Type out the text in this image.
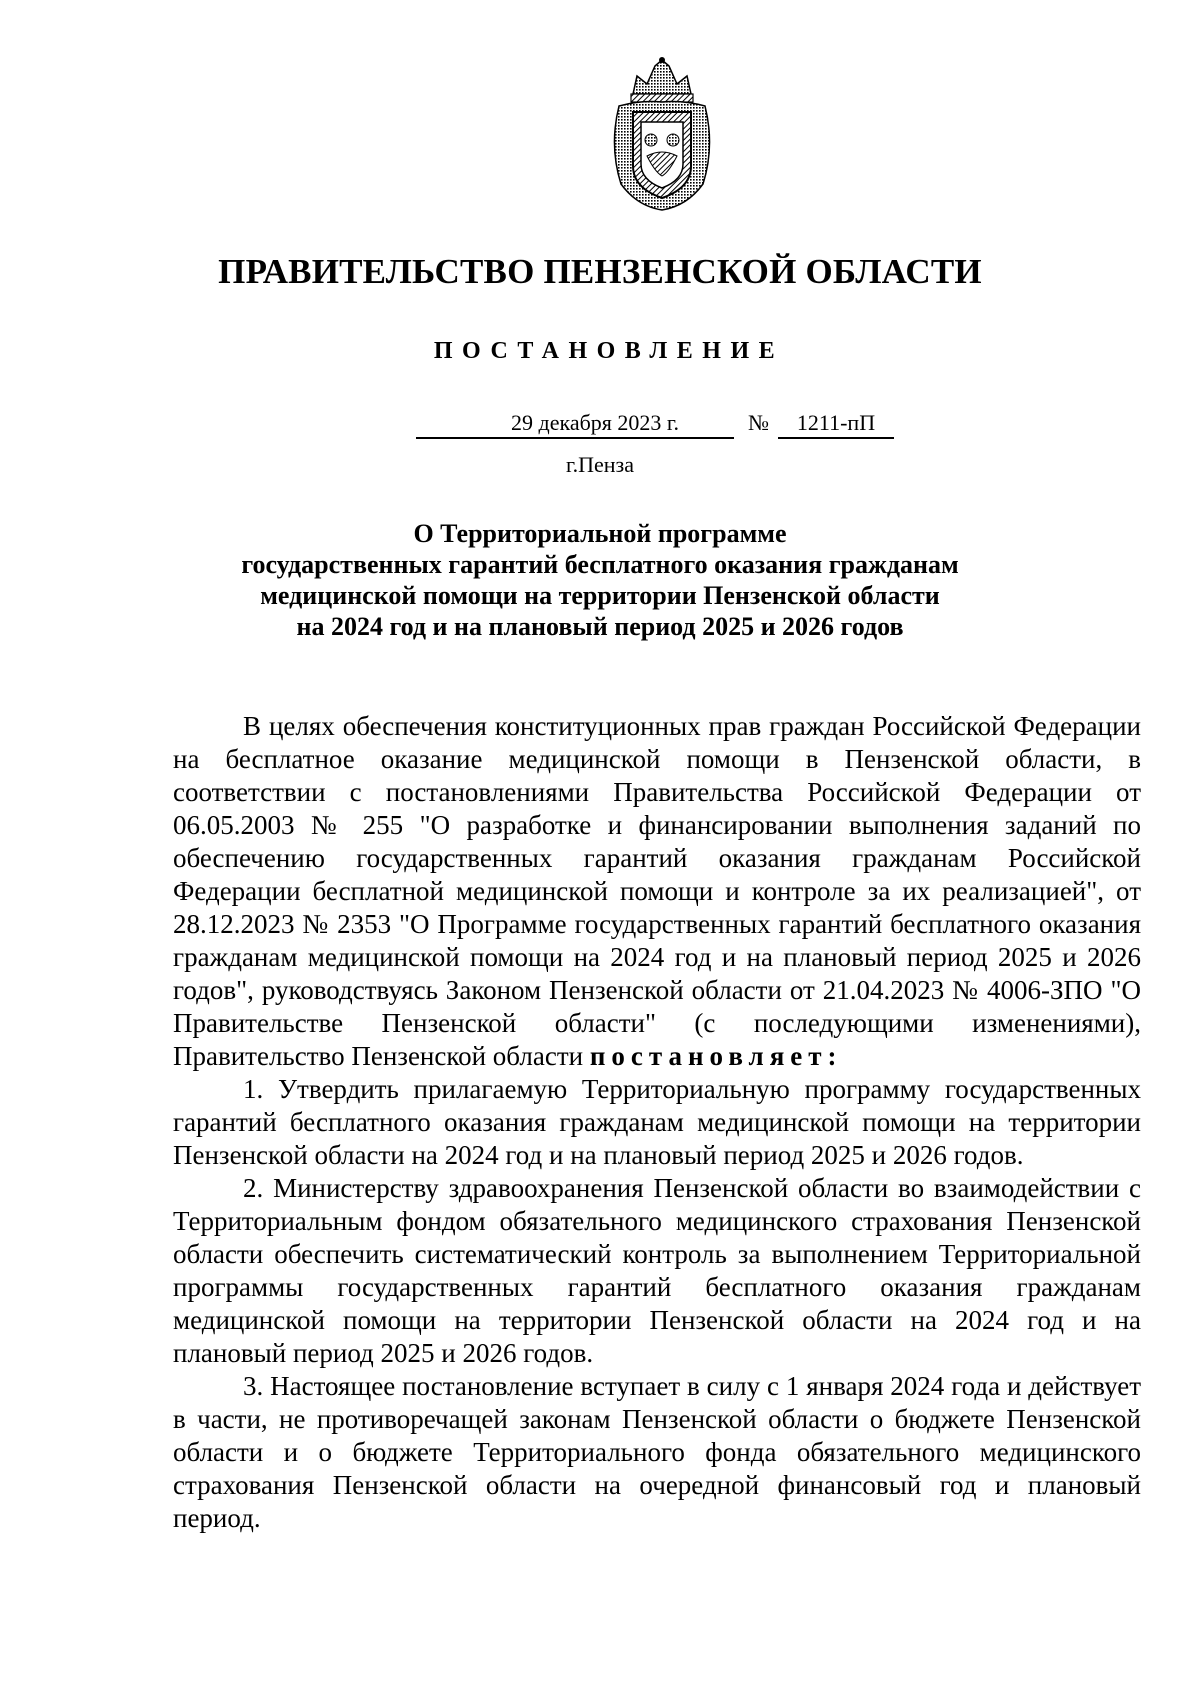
ПРАВИТЕЛЬСТВО ПЕНЗЕНСКОЙ ОБЛАСТИ
ПОСТАНОВЛЕНИЕ
29 декабря 2023 г.	№	1211-пП
г.Пенза
О Территориальной программе
государственных гарантий бесплатного оказания гражданам
медицинской помощи на территории Пензенской области
на 2024 год и на плановый период 2025 и 2026 годов

В целях обеспечения конституционных прав граждан Российской Федерации на бесплатное оказание медицинской помощи в Пензенской области, в соответствии с постановлениями Правительства Российской Федерации от 06.05.2003 № 255 "О разработке и финансировании выполнения заданий по обеспечению государственных гарантий оказания гражданам Российской Федерации бесплатной медицинской помощи и контроле за их реализацией", от 28.12.2023 № 2353 "О Программе государственных гарантий бесплатного оказания гражданам медицинской помощи на 2024 год и на плановый период 2025 и 2026 годов", руководствуясь Законом Пензенской области от 21.04.2023 № 4006-ЗПО "О Правительстве Пензенской области" (с последующими изменениями), Правительство Пензенской области постановляет:

1. Утвердить прилагаемую Территориальную программу государственных гарантий бесплатного оказания гражданам медицинской помощи на территории Пензенской области на 2024 год и на плановый период 2025 и 2026 годов.

2. Министерству здравоохранения Пензенской области во взаимодействии с Территориальным фондом обязательного медицинского страхования Пензенской области обеспечить систематический контроль за выполнением Территориальной программы государственных гарантий бесплатного оказания гражданам медицинской помощи на территории Пензенской области на 2024 год и на плановый период 2025 и 2026 годов.

3. Настоящее постановление вступает в силу с 1 января 2024 года и действует в части, не противоречащей законам Пензенской области о бюджете Пензенской области и о бюджете Территориального фонда обязательного медицинского страхования Пензенской области на очередной финансовый год и плановый период.
